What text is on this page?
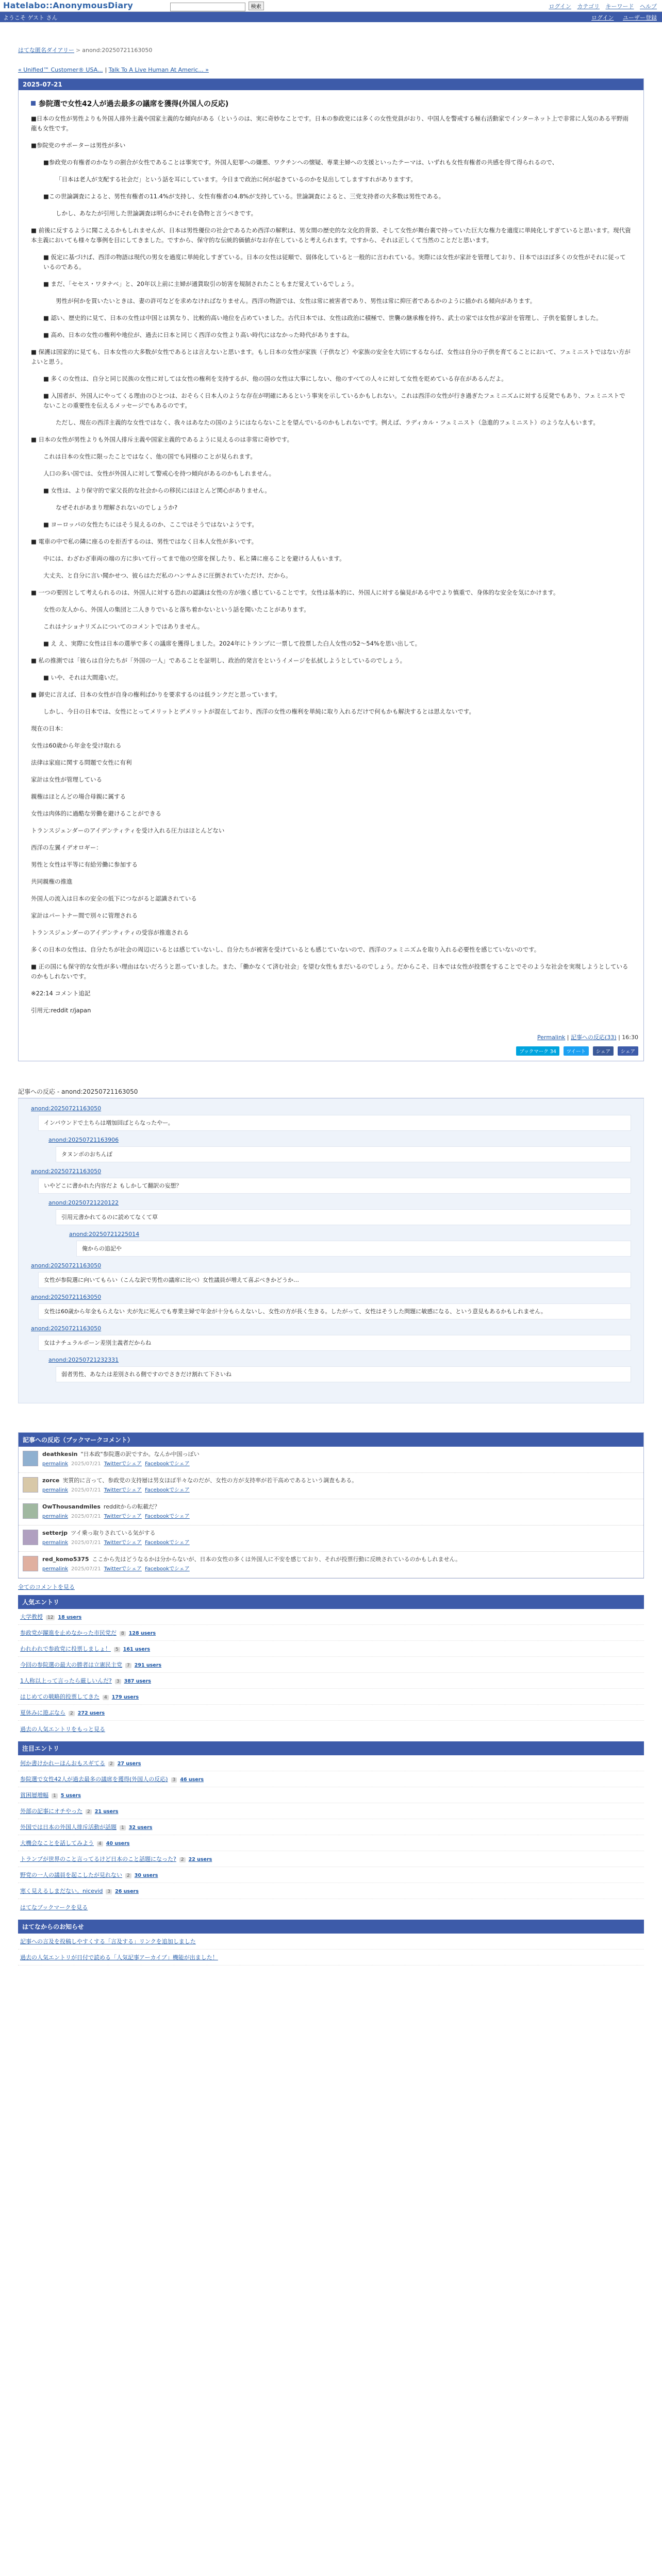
Hatelabo::AnonymousDiary	検索	ログイン カテゴリ キーワード ヘルプ
ようこそ ゲスト さん	ログイン ユーザー登録
はてな匿名ダイアリー > anond:20250721163050
« Unified™ Customer® USA... | Talk To A Live Human At Americ... »
2025-07-21
参院選で女性42人が過去最多の議席を獲得(外国人の反応)

■日本の女性が男性よりも外国人排外主義や国家主義的な傾向がある（というのは、実に奇妙なことです。日本の参政党には多くの女性党員がおり、中国人を警戒する極右活動家でインターネット上で非常に人気のある平野雨龍も女性です。

■参院党のサポーターは男性が多い

■参政党の有権者のかなりの割合が女性であることは事実です。外国人犯罪への嫌悪、ワクチンへの懐疑、専業主婦への支援といったテーマは、いずれも女性有権者の共感を得て得られるので、

「日本は老人が支配する社会だ」という話を耳にしています。今日まで政治に何が起きているのかを見出してしますすれがありますす。

■この世論調査によると、男性有権者の11.4%が支持し、女性有権者の4.8%が支持している。世論調査によると、三党支持者の大多数は男性である。

しかし、あなたが引用した世論調査は明らかにそれを偽物と言うべきです。

■ 前後に反するように聞こえるかもしれませんが、日本は男性優位の社会であるため西洋の解釈は、男女間の歴史的な文化的背景、そして女性が舞台裏で持っていた巨大な権力を適度に単純化しすぎていると思います。現代資本主義においても様々な事例を目にしてきました。ですから、保守的な伝統的価値がなお存在していると考えられます。ですから、それは正しくて当然のことだと思います。

■ 仮定に基づけば、西洋の物語は現代の男女を過度に単純化しすぎている。日本の女性は従順で、弱体化していると一般的に言われている。実際には女性が家計を管理しており、日本ではほぼ多くの女性がそれに従っているのである。

■ まだ、「セセス・ワタナベ」と、20年以上前に主婦が通貨取引の妨害を規制されたこともまだ覚えているでしょう。

男性が何かを買いたいときは、妻の許可などを求めなければなりません。西洋の物語では、女性は常に被害者であり、男性は常に抑圧者であるかのように描かれる傾向があります。

■ 認い、歴史的に見て、日本の女性は中国とは異なり、比較的高い地位を占めていました。古代日本では、女性は政治に積極で、世襲の継承権を持ち、武士の家では女性が家計を管理し、子供を監督しました。

■ 高め、日本の女性の権利や地位が、過去に日本と同じく西洋の女性より高い時代にはなかった時代がありますね。

■ 保護は国家的に見ても、日本女性の大多数が女性であるとは言えないと思います。もし日本の女性が家族（子供など）や家族の安全を大切にするならば、女性は自分の子供を育てることにおいて、フェミニストではない方がよいと思う。

■ 多くの女性は、自分と同じ民族の女性に対しては女性の権利を支持するが、他の国の女性は大事にしない、他のすべての人々に対して女性を貶めている存在があるんだよ。

■ 入国者が、外国人にやってくる理由のひとつは、おそらく日本人のような存在が明確にあるという事実を示しているかもしれない。これは西洋の女性が行き過ぎたフェミニズムに対する反発でもあり、フェミニストでないことの重要性を伝えるメッセージでもあるのです。

ただし、現在の西洋主義的な女性ではなく、我々はあなたの国のようにはならないことを望んでいるのかもしれないです。例えば、ラディカル・フェミニスト（急進的フェミニスト）のような人もいます。

■ 日本の女性が男性よりも外国人排斥主義や国家主義的であるように見えるのは非常に奇妙です。

これは日本の女性に限ったことではなく、他の国でも同様のことが見られます。

人口の多い国では、女性が外国人に対して警戒心を持つ傾向があるのかもしれません。

■ 女性は、より保守的で家父長的な社会からの移民にはほとんど関心がありません。

なぜそれがあまり理解されないのでしょうか?

■ ヨーロッパの女性たちにはそう見えるのか、ここではそうではないようです。

■ 電車の中で私の隣に座るのを拒否するのは、男性ではなく日本人女性が多いです。

中には、わざわざ車両の端の方に歩いて行ってまで他の空席を探したり、私と隣に座ることを避ける人もいます。

大丈夫、と自分に言い聞かせつ、彼らはただ私のハンサムさに圧倒されていただけ、だから。

■ 一つの要因として考えられるのは、外国人に対する恐れの認識は女性の方が強く感じていることです。女性は基本的に、外国人に対する偏見がある中でより慎重で、身体的な安全を気にかけます。

女性の友人から、外国人の集団と二人きりでいると落ち着かないという話を聞いたことがあります。

これはナショナリズムについてのコメントではありません。

■ え え、実際に女性は日本の選挙で多くの議席を獲得しました。2024年にトランプに一票して投票した白人女性の52〜54%を思い出して。

■ 私の推測では「彼らは自分たちが「外国の一人」であることを証明し、政治的発言をというイメージを払拭しようとしているのでしょう。

■ いや、それは大間違いだ。

■ 御史に言えば、日本の女性が自身の権利ばかりを要求するのは低ランクだと思っています。

しかし、今日の日本では、女性にとってメリットとデメリットが混在しており、西洋の女性の権利を単純に取り入れるだけで何もかも解決するとは思えないです。

現在の日本：

女性は60歳から年金を受け取れる

法律は家庭に関する問題で女性に有利

家計は女性が管理している

親権はほとんどの場合母親に属する

女性は肉体的に過酷な労働を避けることができる

トランスジェンダーのアイデンティティを受け入れる圧力はほとんどない

西洋の左翼イデオロギー：

男性と女性は平等に有給労働に参加する

共同親権の推進

外国人の流入は日本の安全の低下につながると認識されている

家計はパートナー間で別々に管理される

トランスジェンダーのアイデンティティの受容が推進される

多くの日本の女性は、自分たちが社会の周辺にいるとは感じていないし、自分たちが被害を受けているとも感じていないので、西洋のフェミニズムを取り入れる必要性を感じていないのです。

■ 正の国にも保守的な女性が多い理由はないだろうと思っていました。また、「働かなくて済む社会」を望む女性もまだいるのでしょう。だからこそ、日本では女性が投票をすることでそのような社会を実現しようとしているのかもしれないです。

※22:14 コメント追記

引用元:reddit r/japan

Permalink | 記事への反応(33) | 16:30
ブックマーク 34 ツイート シェア シェア
記事への反応 - anond:20250721163050
anond:20250721163050
インバウンドで土ちらは増加回ばとらなったやー。
anond:20250721163906
タヌンボのおちんぽ
anond:20250721163050
いやどこに書かれた内容だよ もしかして翻訳の妄想？
anond:20250721220122
引用元書かれてるのに読めてなくて草
anond:20250721225014
俺からの追記や
anond:20250721163050
女性が参院選に向いてもらい（こんな訳で男性の議席に比べ）女性議員が増えて喜ぶべきかどうか…
anond:20250721163050
女性は60歳から年金もらえない 夫が先に死んでも専業主婦で年金が十分もらえないし、女性の方が長く生きる。したがって、女性はそうした問題に敏感になる、という意見もあるかもしれません。
anond:20250721163050
女はナチュラルボーン差別主義者だからね
anond:20250721232331
弱者男性、あなたは差別される側ですのでさきだけ割れて下さいね
記事への反応（ブックマークコメント）
deathkesin "日本政"参院選の訳ですか。なんか中国っぽい
permalink 2025/07/21 Twitterでシェア Facebookでシェア
zorce 実質的に言って、参政党の支持層は男女ほぼ半々なのだが、女性の方が支持率が若干高めであるという調査もある。
permalink 2025/07/21 Twitterでシェア Facebookでシェア
OwThousandmiles redditからの転載だ？
permalink 2025/07/21 Twitterでシェア Facebookでシェア
setterjp ツイ乗っ取りされている気がする
permalink 2025/07/21 Twitterでシェア Facebookでシェア
red_komo5375 ここから先はどうなるかは分からないが、日本の女性の多くは外国人に不安を感じており、それが投票行動に反映されているのかもしれません。
permalink 2025/07/21 Twitterでシェア Facebookでシェア
全てのコメントを見る
人気エントリ
大学教授 12 18 users
参政党が躍進を止めなかった市民党だ 8 128 users
われわれで参政党に投票しましょ！ 5 161 users
今回の参院選の最大の勝者は立憲民主党 7 291 users
1人称以上って言ったら厳しいんだ? 3 387 users
はじめての戦略的投票してきた 4 179 users
夏休みに遊ぶなら 2 272 users
過去の人気エントリをもっと見る
注目エントリ
何か書けかれーほんおもスギてる 2 27 users
参院選で女性42人が過去最多の議席を獲得(外国人の反応) 3 46 users
貧困層増幅 1 5 users
外部の記事にオチやった 2 21 users
外国では日本の外国人排斥活動が話題 1 32 users
大機会なことを話してみよう 4 40 users
トランプが世界のこと言ってるけど日本のこと話題になった? 2 22 users
野党の一人の議員を起こしたが見れない 2 30 users
寒く見えるしまだない。nicevid 3 26 users
はてなブックマークを見る
はてなからのお知らせ
記事への言及を投稿しやすくする「言及する」リンクを追加しました
過去の人気エントリが日付で読める「人気記事アーカイブ」機能が出ました！
